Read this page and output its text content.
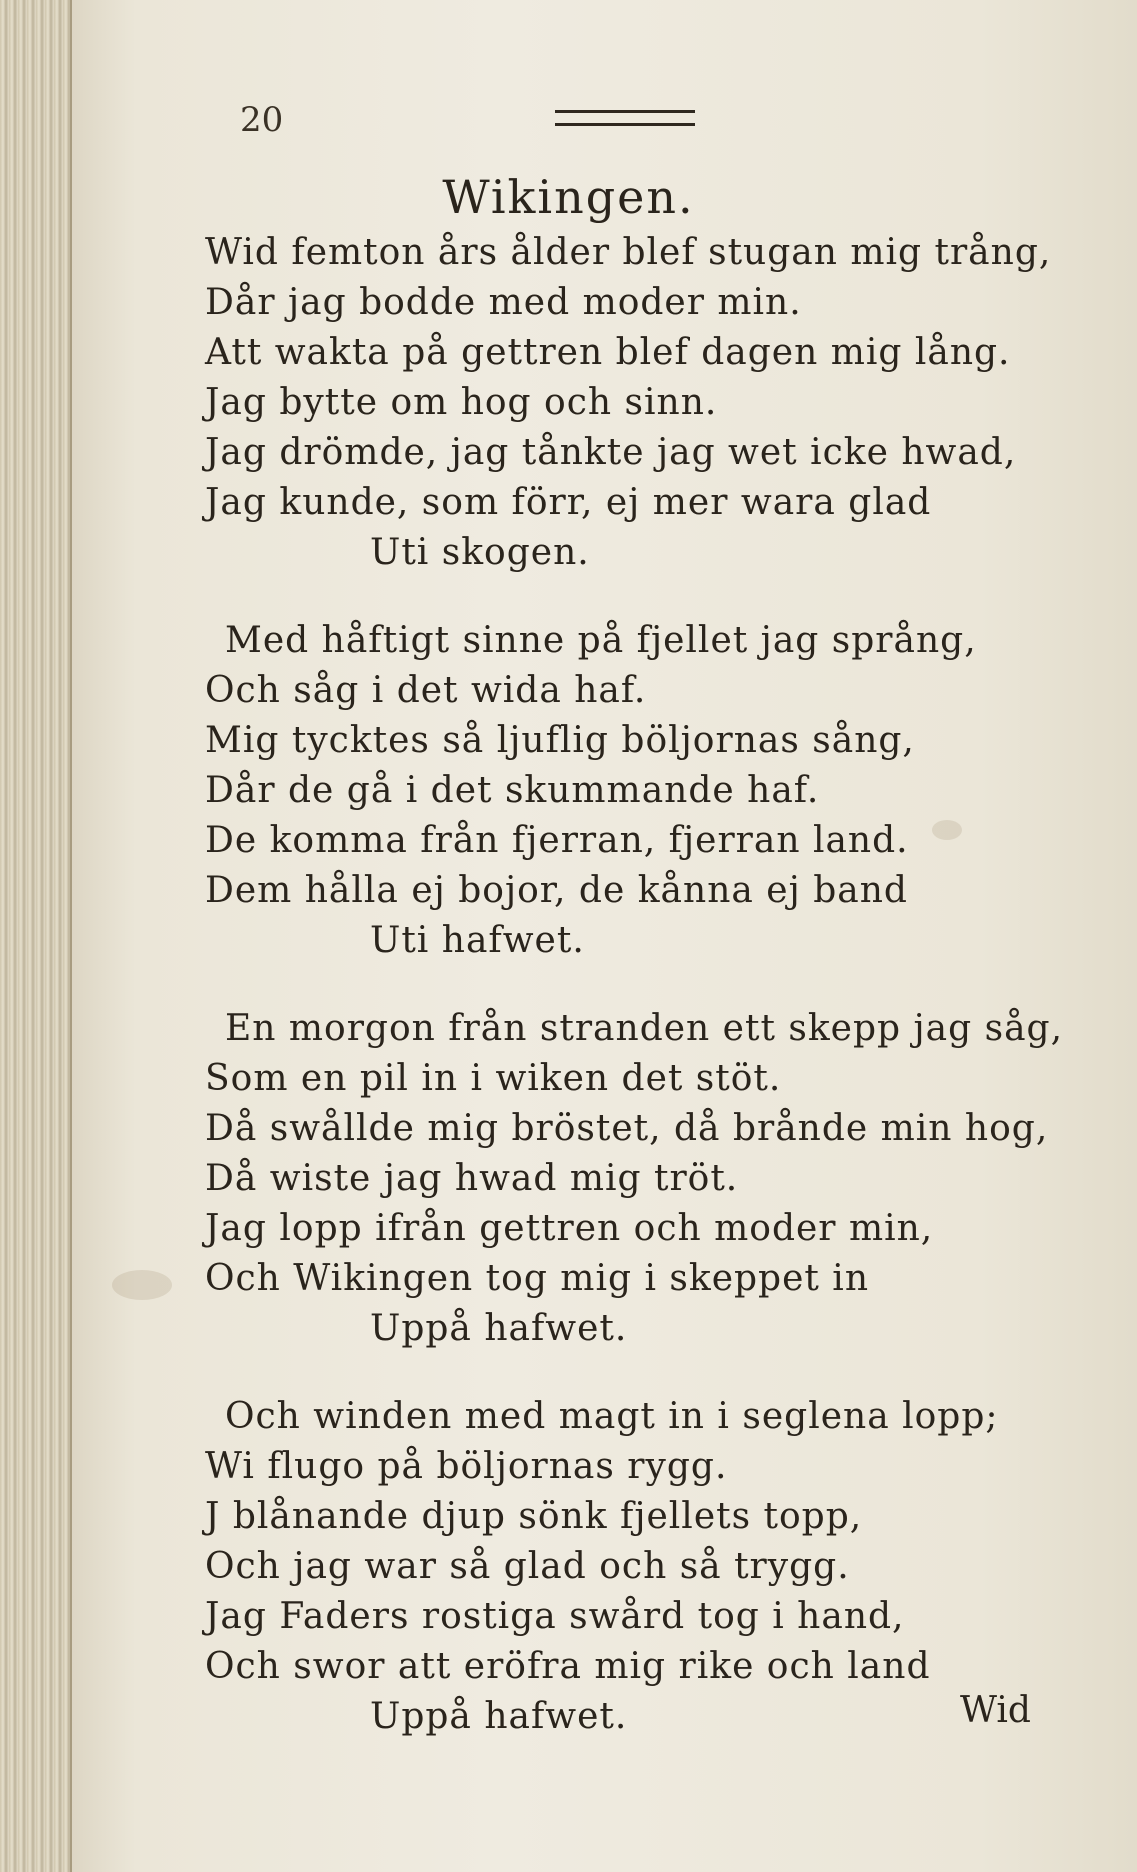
20
Wikingen.
Wid femton års ålder blef stugan mig trång,
Dår jag bodde med moder min.
Att wakta på gettren blef dagen mig lång.
Jag bytte om hog och sinn.
Jag drömde, jag tånkte jag wet icke hwad,
Jag kunde, som förr, ej mer wara glad
Uti skogen.
Med håftigt sinne på fjellet jag språng,
Och såg i det wida haf.
Mig tycktes så ljuflig böljornas sång,
Dår de gå i det skummande haf.
De komma från fjerran, fjerran land.
Dem hålla ej bojor, de kånna ej band
Uti hafwet.
En morgon från stranden ett skepp jag såg,
Som en pil in i wiken det stöt.
Då swållde mig bröstet, då brånde min hog,
Då wiste jag hwad mig tröt.
Jag lopp ifrån gettren och moder min,
Och Wikingen tog mig i skeppet in
Uppå hafwet.
Och winden med magt in i seglena lopp;
Wi flugo på böljornas rygg.
J blånande djup sönk fjellets topp,
Och jag war så glad och så trygg.
Jag Faders rostiga swård tog i hand,
Och swor att eröfra mig rike och land
Uppå hafwet.	Wid
